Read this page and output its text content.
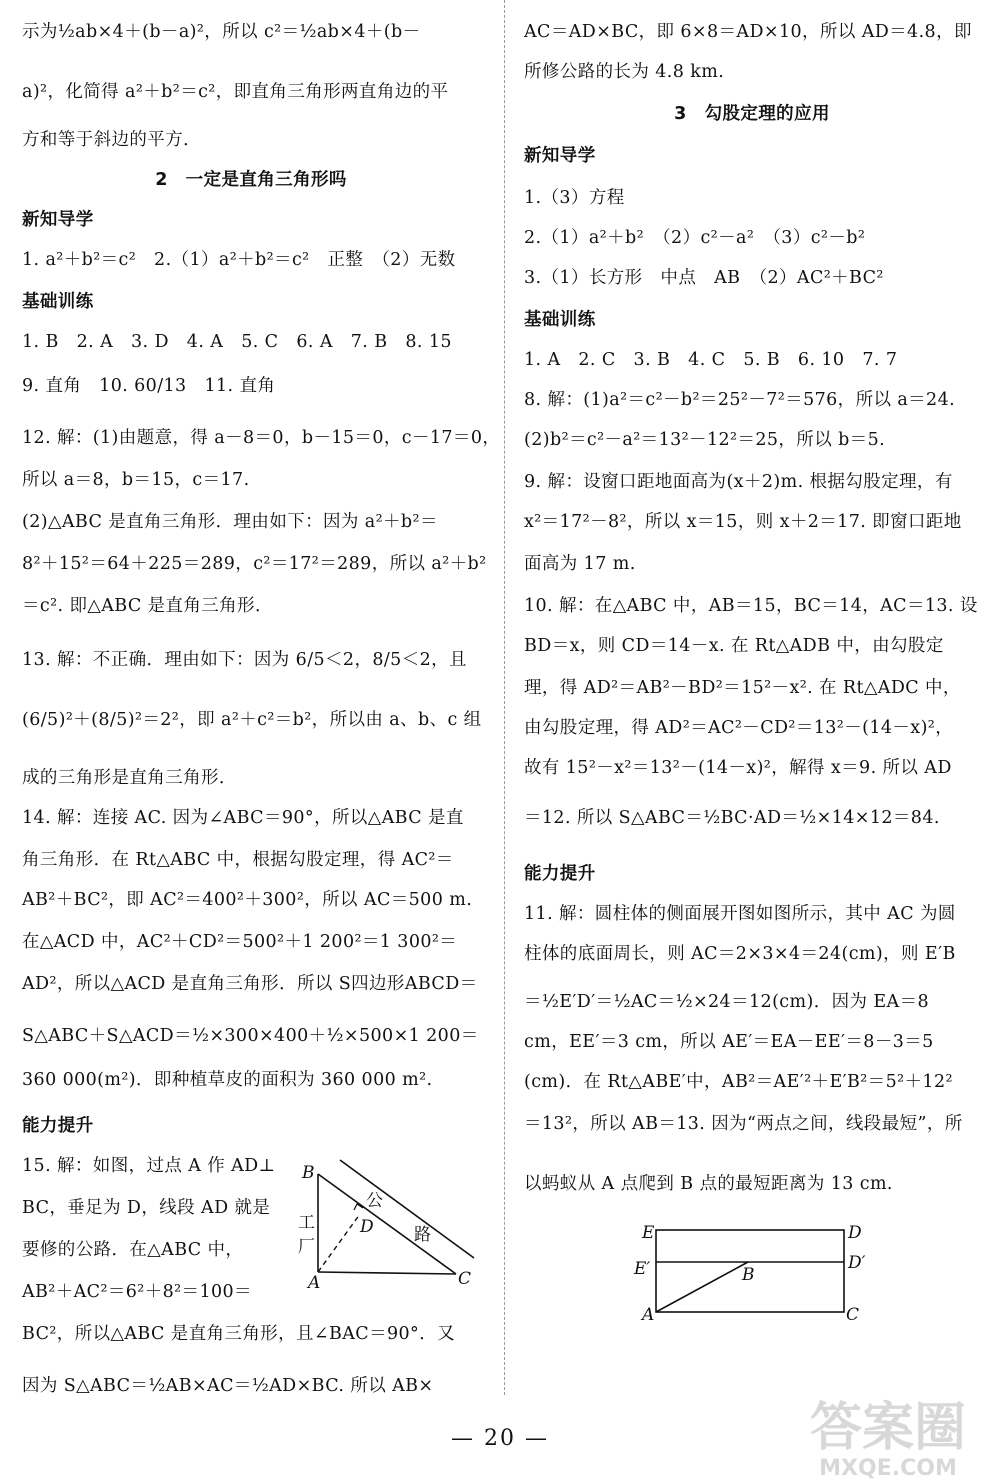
示为½ab×4＋(b－a)²，所以 c²＝½ab×4＋(b－
a)²，化简得 a²＋b²＝c²，即直角三角形两直角边的平
方和等于斜边的平方．
2　一定是直角三角形吗
新知导学
1. a²＋b²＝c²　2.（1）a²＋b²＝c²　正整　（2）无数
基础训练
1. B　2. A　3. D　4. A　5. C　6. A　7. B　8. 15
9. 直角　10. 60/13　11. 直角
12. 解：(1)由题意，得 a－8＝0，b－15＝0，c－17＝0，
所以 a＝8，b＝15，c＝17.
(2)△ABC 是直角三角形．理由如下：因为 a²＋b²＝
8²＋15²＝64＋225＝289，c²＝17²＝289，所以 a²＋b²
＝c². 即△ABC 是直角三角形．
13. 解：不正确．理由如下：因为 6/5＜2，8/5＜2，且
(6/5)²＋(8/5)²＝2²，即 a²＋c²＝b²，所以由 a、b、c 组
成的三角形是直角三角形．
14. 解：连接 AC. 因为∠ABC＝90°，所以△ABC 是直
角三角形．在 Rt△ABC 中，根据勾股定理，得 AC²＝
AB²＋BC²，即 AC²＝400²＋300²，所以 AC＝500 m.
在△ACD 中，AC²＋CD²＝500²＋1 200²＝1 300²＝
AD²，所以△ACD 是直角三角形．所以 S四边形ABCD＝
S△ABC＋S△ACD＝½×300×400＋½×500×1 200＝
360 000(m²)．即种植草皮的面积为 360 000 m².
能力提升
15. 解：如图，过点 A 作 AD⊥
BC，垂足为 D，线段 AD 就是
要修的公路．在△ABC 中，
AB²＋AC²＝6²＋8²＝100＝
BC²，所以△ABC 是直角三角形，且∠BAC＝90°．又
因为 S△ABC＝½AB×AC＝½AD×BC. 所以 AB×
AC＝AD×BC，即 6×8＝AD×10，所以 AD＝4.8，即
所修公路的长为 4.8 km.
3　勾股定理的应用
新知导学
1.（3）方程
2.（1）a²＋b²　（2）c²－a²　（3）c²－b²
3.（1）长方形　中点　AB　（2）AC²＋BC²
基础训练
1. A　2. C　3. B　4. C　5. B　6. 10　7. 7
8. 解：(1)a²＝c²－b²＝25²－7²＝576，所以 a＝24.
(2)b²＝c²－a²＝13²－12²＝25，所以 b＝5.
9. 解：设窗口距地面高为(x＋2)m. 根据勾股定理，有
x²＝17²－8²，所以 x＝15，则 x＋2＝17. 即窗口距地
面高为 17 m.
10. 解：在△ABC 中，AB＝15，BC＝14，AC＝13. 设
BD＝x，则 CD＝14－x. 在 Rt△ADB 中，由勾股定
理，得 AD²＝AB²－BD²＝15²－x². 在 Rt△ADC 中，
由勾股定理，得 AD²＝AC²－CD²＝13²－(14－x)²，
故有 15²－x²＝13²－(14－x)²，解得 x＝9. 所以 AD
＝12. 所以 S△ABC＝½BC·AD＝½×14×12＝84.
能力提升
11. 解：圆柱体的侧面展开图如图所示，其中 AC 为圆
柱体的底面周长，则 AC＝2×3×4＝24(cm)，则 E′B
＝½E′D′＝½AC＝½×24＝12(cm)．因为 EA＝8
cm，EE′＝3 cm，所以 AE′＝EA－EE′＝8－3＝5
(cm)．在 Rt△ABE′中，AB²＝AE′²＋E′B²＝5²＋12²
＝13²，所以 AB＝13. 因为“两点之间，线段最短”，所
以蚂蚁从 A 点爬到 B 点的最短距离为 13 cm.
B
C
A
D
公
路
工
厂
E	D
E′	D′
B
A	C
— 20 —	答案圈
MXQE.COM
